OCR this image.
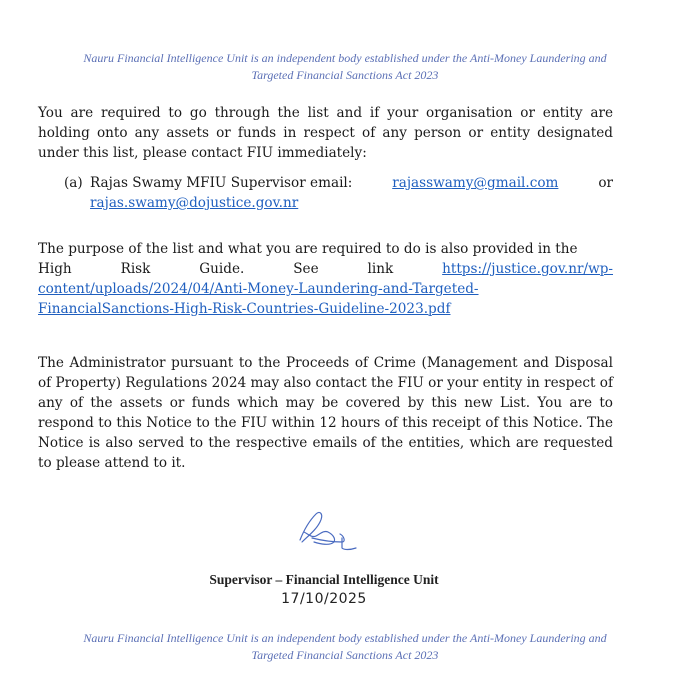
Nauru Financial Intelligence Unit is an independent body established under the Anti-Money Laundering and
Targeted Financial Sanctions Act 2023
You are required to go through the list and if your organisation or entity are holding onto any assets or funds in respect of any person or entity designated under this list, please contact FIU immediately:
(a) Rajas Swamy MFIU Supervisor email:	rajasswamy@gmail.com	or
rajas.swamy@dojustice.gov.nr
The purpose of the list and what you are required to do is also provided in the
High	Risk	Guide.	See	link	https://justice.gov.nr/wp-
content/uploads/2024/04/Anti-Money-Laundering-and-Targeted-
FinancialSanctions-High-Risk-Countries-Guideline-2023.pdf
The Administrator pursuant to the Proceeds of Crime (Management and Disposal of Property) Regulations 2024 may also contact the FIU or your entity in respect of any of the assets or funds which may be covered by this new List. You are to respond to this Notice to the FIU within 12 hours of this receipt of this Notice. The Notice is also served to the respective emails of the entities, which are requested to please attend to it.
Supervisor – Financial Intelligence Unit
17/10/2025
Nauru Financial Intelligence Unit is an independent body established under the Anti-Money Laundering and
Targeted Financial Sanctions Act 2023
